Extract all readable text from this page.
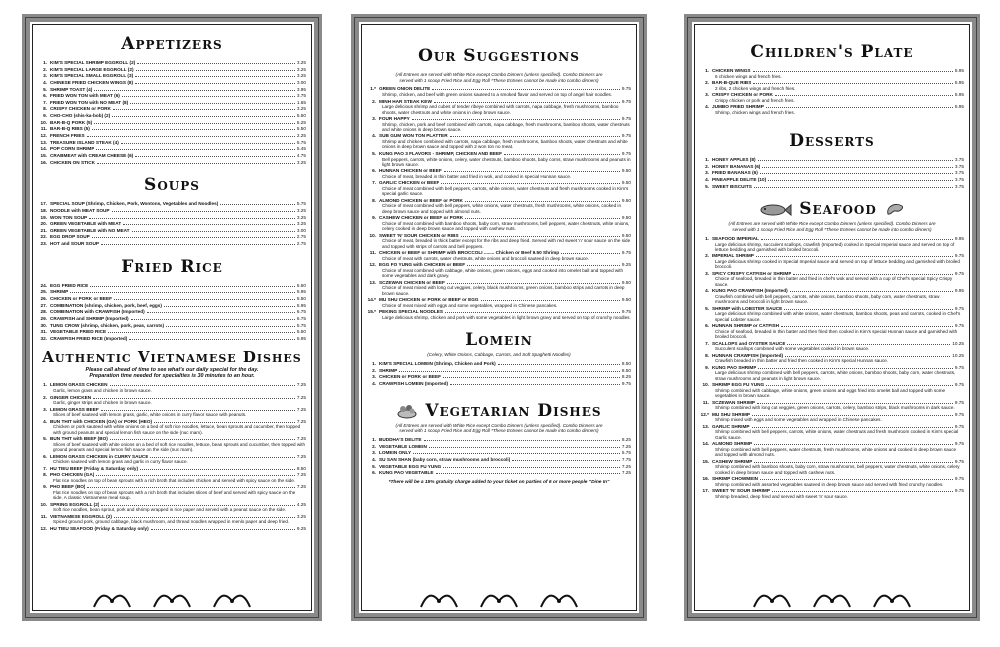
Appetizers
1. KIM'S SPECIAL SHRIMP EGGROLL (2)	3.25
2. KIM'S SPECIAL LARGE EGGROLL (2)	3.25
3. KIM'S SPECIAL SMALL EGGROLL (3)	3.25
4. CHINESE FRIED CHICKEN WINGS (8)	3.00
5. SHRIMP TOAST (4)	3.95
6. FRIED WON TON with MEAT (6)	3.75
7. FRIED WON TON with NO MEAT (8)	1.65
8. CRISPY CHICKEN or PORK	3.25
9. CHO-CHO (shis-ka-bob) (2)	5.50
10. BAR-B-Q PORK (5)	5.25
11. BAR-B-Q RIBS (5)	5.50
12. FRENCH FRIES	2.25
13. TREASURE ISLAND STEAK (4)	5.75
14. POP CORN SHRIMP	5.45
15. CRABMEAT with CREAM CHEESE (6)	4.75
16. CHICKEN ON STICK	3.25
Soups
17. SPECIAL SOUP (Shrimp, Chicken, Pork, Wontons, Vegetables and Noodles)	5.75
18. NOODLE with MEAT SOUP	3.25
19. WON TON SOUP	3.25
20. GREEN VEGETABLE with MEAT	3.25
21. GREEN VEGETABLE with NO MEAT	3.00
22. EGG DROP SOUP	2.75
23. HOT and SOUR SOUP	2.75
Fried Rice
24. EGG FRIED RICE	5.50
25. SHRIMP	5.95
26. CHICKEN or PORK or BEEF	5.50
27. COMBINATION (shrimp, chicken, pork, beef, eggs)	5.95
28. COMBINATION with CRAWFISH (Imported)	6.75
29. CRAWFISH and SHRIMP (Imported)	6.75
30. TUNG CROW (shrimp, chicken, pork, peas, carrots)	5.75
31. VEGETABLE FRIED RICE	5.50
32. CRAWFISH FRIED RICE (Imported)	6.95
Authentic Vietnamese Dishes
Please call ahead of time to see what's our daily special for the day.
Preparation time needed for specialties is 30 minutes to an hour.
1. LEMON GRASS CHICKEN	7.25
Garlic, lemon grass and chicken in brown sauce.
2. GINGER CHICKEN	7.25
Garlic, ginger strips and chicken in brown sauce.
3. LEMON GRASS BEEF	7.25
Slices of beef sauteed with lemon grass, garlic, white onions in curry flavor sauce with peanuts.
4. BUN THIT with CHICKEN (GA) or PORK (HEO)	7.25
Chicken or pork sauteed with white onions on a bed of soft rice noodles, lettuce, bean sprouts and cucumber, then topped with ground peanuts and special lemon fish sauce on the side (nuc mam).
5. BUN THIT with BEEF (BO)	7.25
Slices of beef sauteed with white onions on a bed of soft rice noodles, lettuce, bean sprouts and cucumber, then topped with ground peanuts and special lemon fish sauce on the side (nuc mam).
6. LEMON GRASS CHICKEN in CURRY SAUCE	7.25
Chicken sauteed with lemon grass and garlic in curry flavor sauce.
7. HU TIEU BEEF (Friday & Saturday only)	8.50
8. PHO CHICKEN (GA)	7.25
Flat rice noodles on top of bean sprouts with a rich broth that includes chicken and served with spicy sauce on the side.
9. PHO BEEF (BO)	7.25
Flat rice noodles on top of bean sprouts with a rich broth that includes slices of beef and served with spicy sauce on the side. A classic Vietnamese meal soup.
10. SPRING EGGROLL (2)	4.25
Soft rice noodles, bean sprout, pork and shrimp wrapped in rice paper and served with a peanut sauce on the side.
11. VIETNAMESE EGGROLL (2)	3.25
Spiced ground pork, ground cabbage, black mushroom, and thread noodles wrapped in menlo paper and deep fried.
12. HU TIEU SEAFOOD (Friday & Saturday only)	9.25
Our Suggestions
(All Entrees are served with White Rice except Combo Dinners (unless specified). Combo Dinners are
served with 1 scoop Fried Rice and Egg Roll *These Entrees cannot be made into combo dinners)
1.* GREEN ONION DELITE	9.75
Shrimp, chicken, and beef with green onions sauteed to a smoked flavor and served on top of angel hair noodles.
2. MINH HAR STEAK KEW	9.75
Large delicious shrimp and cubes of tender ribeye combined with carrots, napa cabbage, fresh mushrooms, bamboo shoots, water chestnuts and white onions in deep brown sauce.
3. FOUR HAPPY	9.75
Shrimp, chicken, pork and beef combined with carrots, napa cabbage, fresh mushrooms, bamboo shoots, water chestnuts and white onions in deep brown sauce.
4. SUB GUM WON TON PLATTER	9.75
Shrimp and chicken combined with carrots, napa cabbage, fresh mushrooms, bamboo shoots, water chestnuts and white onions in deep brown sauce and topped with 2 won ton no meat.
5. KUNG PAO 3 FLAVORS - SHRIMP, CHICKEN AND BEEF	9.75
Bell peppers, carrots, white onions, celery, water chestnuts, bamboo shoots, baby corns, straw mushrooms and peanuts in light brown sauce.
6. HUNNAN CHICKEN or BEEF	9.50
Choice of meat, breaded in thin batter and fried in wok, and cooked in special Hunnan sauce.
7. GARLIC CHICKEN or BEEF	9.50
Choice of meat combined with bell peppers, carrots, white onions, water chestnuts and fresh mushrooms cooked in Kim's special garlic sauce.
8. ALMOND CHICKEN or BEEF or PORK	9.50
Choice of meat combined with bell peppers, white onions, water chestnuts, fresh mushrooms, white onions, cooked in deep brown sauce and topped with almond nuts.
9. CASHEW CHICKEN or BEEF or PORK	9.50
Choice of meat combined with bamboo shoots, baby corn, straw mushrooms, bell peppers, water chestnuts, white onions, celery cooked in deep brown sauce and topped with cashew nuts.
10. SWEET 'N' SOUR CHICKEN or RIBS	9.50
Choice of meat, breaded in thick batter except for the ribs and deep fried. Served with red sweet 'n' sour sauce on the side and topped with strips of carrots and bell peppers.
11. CHICKEN or BEEF or SHRIMP with BROCCOLI ........ Chicken or Beef 9.50 Shrimp	9.75
Choice of meat with carrots, water chestnuts, white onions and broccoli sauteed in deep brown sauce.
12. EGG FO YUNG with CHICKEN or BEEF	9.25
Choice of meat combined with cabbage, white onions, green onions, eggs and cooked into omelet ball and topped with some vegetables and dark gravy.
13. SCZEWAN CHICKEN or BEEF	9.50
Choice of meat mixed with long cut veggies, celery, black mushrooms, green onions, bamboo strips and carrots in deep brown sauce.
14.* MU SHU CHICKEN or PORK or BEEF or EGG	9.50
Choice of meat mixed with eggs and some vegetables, wrapped in Chinese pancakes.
15.* PEKING SPECIAL NOODLES	9.75
Large delicious shrimp, chicken and pork with some vegetables in light brown gravy and served on top of crunchy noodles.
Lomein
(Celery, White Onions, Cabbage, Carrots, and Soft Spaghetti Noodles)
1. KIM'S SPECIAL LOMEIN (Shrimp, Chicken and Pork)	8.50
2. SHRIMP	8.50
3. CHICKEN or PORK or BEEF	8.25
4. CRAWFISH LOMEIN (Imported)	9.75
Vegetarian Dishes
(All Entrees are served with White Rice except Combo Dinners (unless specified). Combo Dinners are
served with 1 scoop Fried Rice and Egg Roll *These Entrees cannot be made into combo dinners)
1. BUDDHA'S DELITE	8.25
2. VEGETABLE LOMEIN	7.25
3. LOMEIN ONLY	5.75
4. SU SAN SHAN (baby corn, straw mushrooms and broccoli)	7.75
5. VEGETABLE EGG FU YUNG	7.25
6. KUNG PAO VEGETABLE	7.25
*There will be a 15% gratuity charge added to your ticket on parties of 6 or more people "Dine In"
Children's Plate
1. CHICKEN WINGS	5.95
6 chicken wings and french fries.
2. BAR-B-QUE RIBS	5.95
2 ribs, 2 chicken wings and french fries.
3. CRISPY CHICKEN or PORK	5.95
Crispy chicken or pork and french fries.
4. JUMBO FRIED SHRIMP	5.95
Shrimp, chicken wings and french fries.
Desserts
1. HONEY APPLES (8)	3.75
2. HONEY BANANAS (6)	3.75
3. FRIED BANANAS (6)	3.75
4. PINEAPPLE DELITE (10)	3.75
5. SWEET BISCUITS	3.75
Seafood
(All Entrees are served with White Rice except Combo Dinners (unless specified). Combo Dinners are
served with 1 scoop Fried Rice and Egg Roll *These Entrees cannot be made into combo dinners)
1. SEAFOOD IMPERIAL	9.95
Large delicious shrimp, succulent scallops, crawfish (Imported) cooked in Special Imperial sauce and served on top of lettuce bedding and garnished with broiled broccoli.
2. IMPERIAL SHRIMP	9.75
Large delicious shrimp cooked in Special Imperial sauce and served on top of lettuce bedding and garnished with broiled broccoli.
3. SPICY CRISPY CATFISH or SHRIMP	9.75
Choice of seafood, breaded in thin batter and fried in chef's wok and served with a cup of Chef's special Spicy Crispy sauce.
4. KUNG PAO CRAWFISH (Imported)	9.95
Crawfish combined with bell peppers, carrots, white onions, bamboo shoots, baby corn, water chestnuts, straw mushrooms and broccoli in light brown sauce.
5. SHRIMP with LOBSTER SAUCE	9.75
Large delicious shrimp combined with white onions, water chestnuts, bamboo shoots, peas and carrots, cooked in Chef's special Lobster sauce.
6. HUNNAN SHRIMP or CATFISH	9.75
Choice of seafood, breaded in thin batter and then fried then cooked in Kim's special Hunnan sauce and garnished with broiled broccoli.
7. SCALLOPS and OYSTER SAUCE	10.25
Succulent scallops combined with some vegetables cooked in brown sauce.
8. HUNNAN CRAWFISH (Imported)	10.25
Crawfish breaded in thin batter and fried then cooked in Kim's special Hunnan sauce.
9. KUNG PAO SHRIMP	9.75
Large delicious shrimp combined with bell peppers, carrots, white onions, bamboo shoots, baby corn, water chestnuts, straw mushrooms and peanuts in light brown sauce.
10. SHRIMP EGG FU YUNG	9.75
Shrimp combined with cabbage, white onions, green onions and eggs fried into omelet ball and topped with some vegetables in brown sauce.
11. SCZEWAN SHRIMP	9.75
Shrimp combined with long cut veggies, green onions, carrots, celery, bamboo strips, black mushrooms in dark sauce.
12.* MU SHU SHRIMP	9.75
Shrimp mixed with eggs and some vegetables and wrapped in Chinese pancakes.
13. GARLIC SHRIMP	9.75
Shrimp combined with bell peppers, carrots, white onions, water chestnuts and fresh mushroom cooked in Kim's special Garlic sauce.
14. ALMOND SHRIMP	9.75
Shrimp combined with bell peppers, water chestnuts, fresh mushrooms, white onions and cooked in deep brown sauce and topped with almond nuts.
15. CASHEW SHRIMP	9.75
Shrimp combined with bamboo shoots, baby corn, straw mushrooms, bell peppers, water chestnuts, white onions, celery cooked in deep brown sauce and topped with cashew nuts.
16. SHRIMP CHOWMEIN	9.75
Shrimp combined with assorted vegetables sauteed in deep brown sauce and served with fried crunchy noodles.
17. SWEET 'N' SOUR SHRIMP	9.75
Shrimp breaded, deep fried and served with sweet 'n' sour sauce.
